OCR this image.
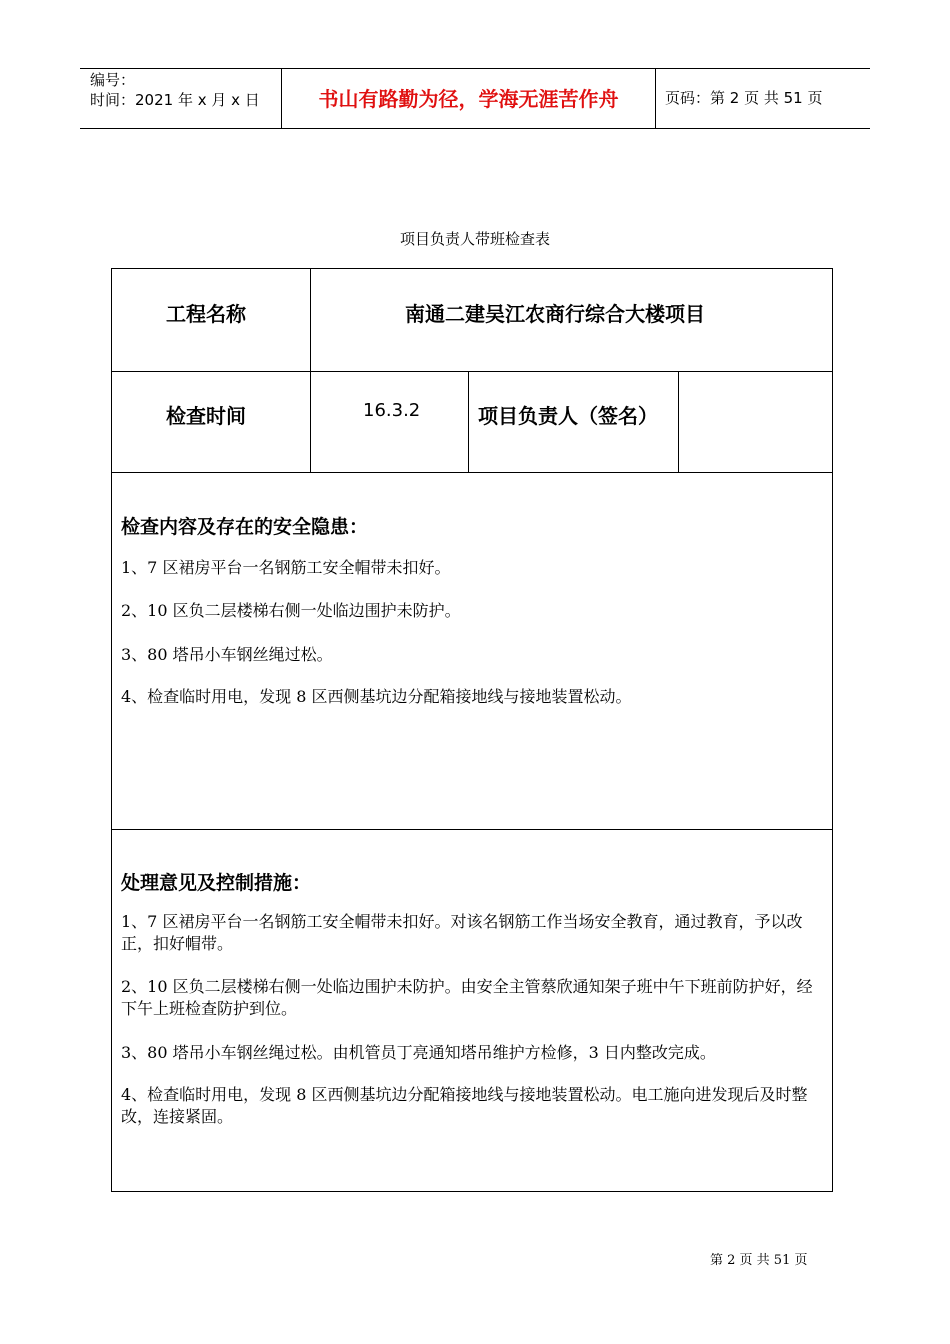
编号：
时间：2021 年 x 月 x 日	书山有路勤为径，学海无涯苦作舟	页码：第 2 页 共 51 页
项目负责人带班检查表
工程名称	南通二建吴江农商行综合大楼项目
检查时间	16.3.2	项目负责人（签名）
检查内容及存在的安全隐患：
1、7 区裙房平台一名钢筋工安全帽带未扣好。
2、10 区负二层楼梯右侧一处临边围护未防护。
3、80 塔吊小车钢丝绳过松。
4、检查临时用电，发现 8 区西侧基坑边分配箱接地线与接地装置松动。
处理意见及控制措施：
1、7 区裙房平台一名钢筋工安全帽带未扣好。对该名钢筋工作当场安全教育，通过教育，予以改正，扣好帽带。
2、10 区负二层楼梯右侧一处临边围护未防护。由安全主管蔡欣通知架子班中午下班前防护好，经下午上班检查防护到位。
3、80 塔吊小车钢丝绳过松。由机管员丁亮通知塔吊维护方检修，3 日内整改完成。
4、检查临时用电，发现 8 区西侧基坑边分配箱接地线与接地装置松动。电工施向进发现后及时整改，连接紧固。
第 2 页 共 51 页
